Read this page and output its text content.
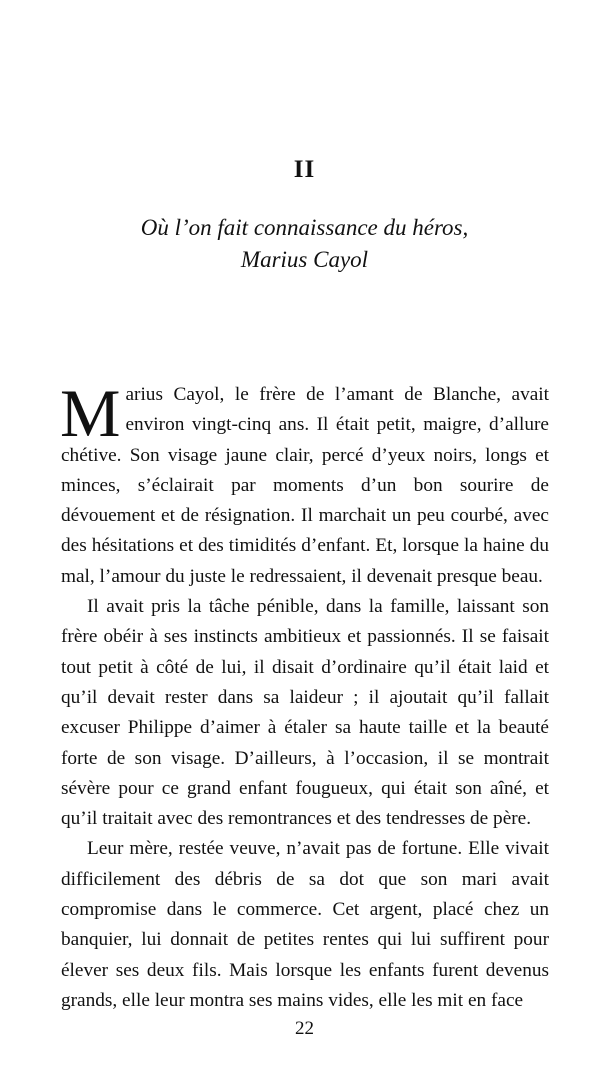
II
Où l’on fait connaissance du héros,
Marius Cayol

Marius Cayol, le frère de l’amant de Blanche, avait environ vingt-cinq ans. Il était petit, maigre, d’allure chétive. Son visage jaune clair, percé d’yeux noirs, longs et minces, s’éclairait par moments d’un bon sourire de dévouement et de résignation. Il marchait un peu courbé, avec des hésitations et des timidités d’enfant. Et, lorsque la haine du mal, l’amour du juste le redressaient, il devenait presque beau.

Il avait pris la tâche pénible, dans la famille, laissant son frère obéir à ses instincts ambitieux et passionnés. Il se faisait tout petit à côté de lui, il disait d’ordinaire qu’il était laid et qu’il devait rester dans sa laideur ; il ajoutait qu’il fallait excuser Philippe d’aimer à étaler sa haute taille et la beauté forte de son visage. D’ailleurs, à l’occasion, il se montrait sévère pour ce grand enfant fougueux, qui était son aîné, et qu’il traitait avec des remontrances et des tendresses de père.

Leur mère, restée veuve, n’avait pas de fortune. Elle vivait difficilement des débris de sa dot que son mari avait compromise dans le commerce. Cet argent, placé chez un banquier, lui donnait de petites rentes qui lui suffirent pour élever ses deux fils. Mais lorsque les enfants furent devenus grands, elle leur montra ses mains vides, elle les mit en face

22
